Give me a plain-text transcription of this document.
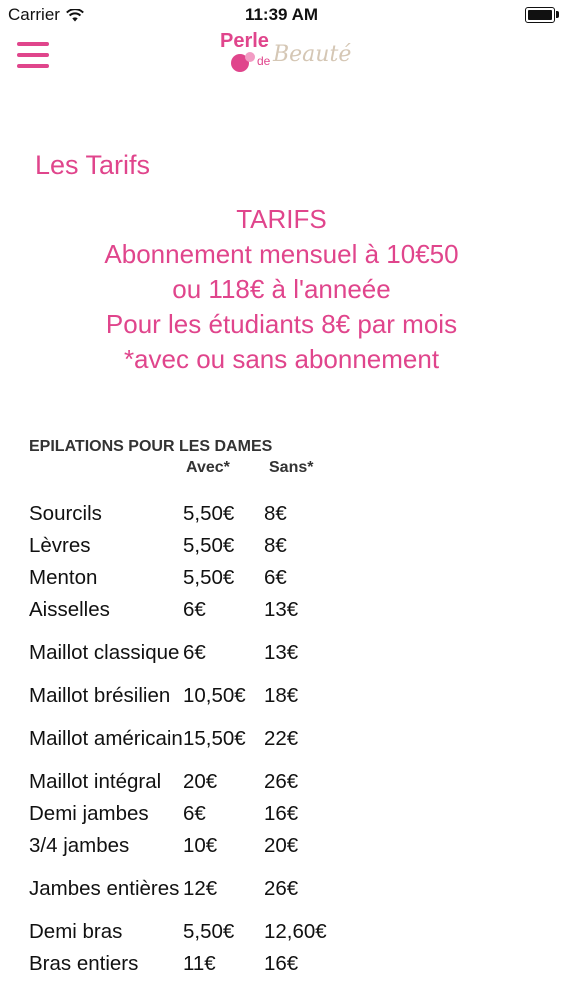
Carrier	11:39 AM
Perle
de Beauté
Les Tarifs
TARIFS
Abonnement mensuel à 10€50
ou 118€ à l'anneée
Pour les étudiants 8€ par mois
*avec ou sans abonnement
EPILATIONS POUR LES DAMES
Avec* Sans*
Sourcils	5,50€	8€
Lèvres	5,50€	8€
Menton	5,50€	6€
Aisselles	6€	13€
Maillot classique	6€	13€
Maillot brésilien	10,50€	18€
Maillot américain	15,50€	22€
Maillot intégral	20€	26€
Demi jambes	6€	16€
3/4 jambes	10€	20€
Jambes entières	12€	26€
Demi bras	5,50€	12,60€
Bras entiers	11€	16€
